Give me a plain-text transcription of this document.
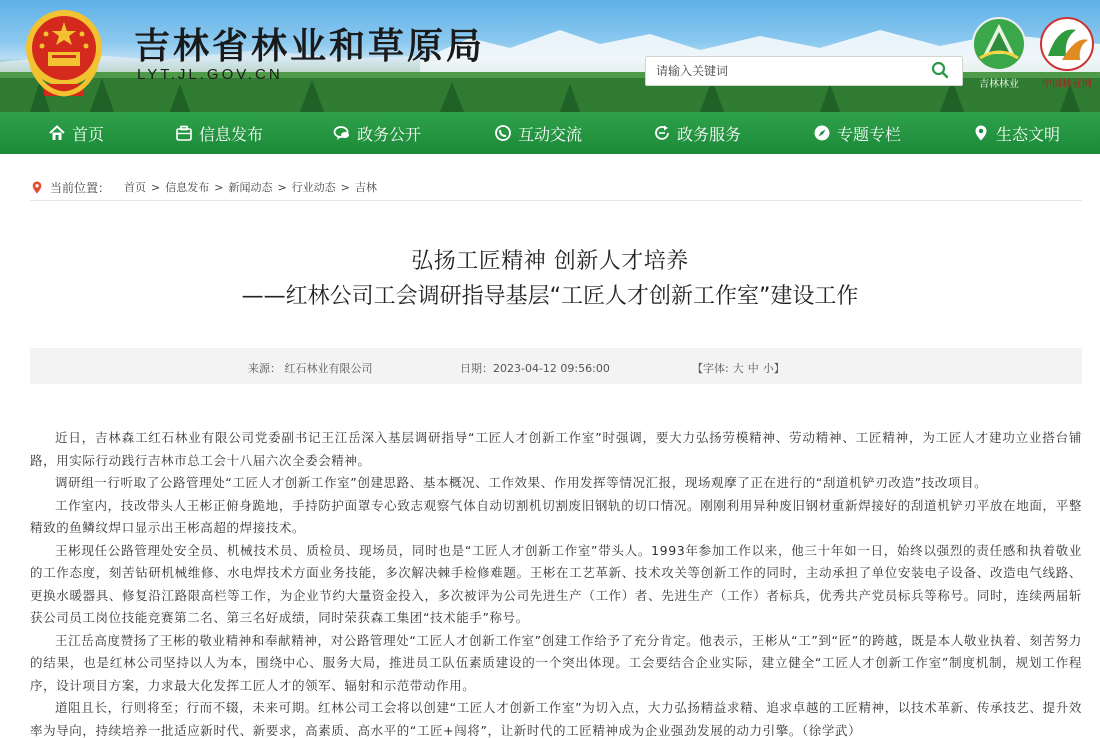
吉林省林业和草原局
LYT.JL.GOV.CN
请输入关键词
吉林林业	中国林业网
首页	信息发布	政务公开	互动交流	政务服务	专题专栏	生态文明
当前位置： 首页 > 信息发布 > 新闻动态 > 行业动态 > 吉林
弘扬工匠精神 创新人才培养
——红林公司工会调研指导基层“工匠人才创新工作室”建设工作
来源： 红石林业有限公司	日期：2023-04-12 09:56:00	【字体: 大 中 小】

近日，吉林森工红石林业有限公司党委副书记王江岳深入基层调研指导“工匠人才创新工作室”时强调，要大力弘扬劳模精神、劳动精神、工匠精神，为工匠人才建功立业搭台铺路，用实际行动践行吉林市总工会十八届六次全委会精神。

调研组一行听取了公路管理处“工匠人才创新工作室”创建思路、基本概况、工作效果、作用发挥等情况汇报，现场观摩了正在进行的“刮道机铲刃改造”技改项目。

工作室内，技改带头人王彬正俯身跪地，手持防护面罩专心致志观察气体自动切割机切割废旧钢轨的切口情况。刚刚利用异种废旧钢材重新焊接好的刮道机铲刃平放在地面，平整精致的鱼鳞纹焊口显示出王彬高超的焊接技术。

王彬现任公路管理处安全员、机械技术员、质检员、现场员，同时也是“工匠人才创新工作室”带头人。1993年参加工作以来，他三十年如一日，始终以强烈的责任感和执着敬业的工作态度，刻苦钻研机械维修、水电焊技术方面业务技能，多次解决棘手检修难题。王彬在工艺革新、技术攻关等创新工作的同时，主动承担了单位安装电子设备、改造电气线路、更换水暖器具、修复沿江路限高栏等工作，为企业节约大量资金投入，多次被评为公司先进生产（工作）者、先进生产（工作）者标兵，优秀共产党员标兵等称号。同时，连续两届斩获公司员工岗位技能竞赛第二名、第三名好成绩，同时荣获森工集团“技术能手”称号。

王江岳高度赞扬了王彬的敬业精神和奉献精神，对公路管理处“工匠人才创新工作室”创建工作给予了充分肯定。他表示，王彬从“工”到“匠”的跨越，既是本人敬业执着、刻苦努力的结果，也是红林公司坚持以人为本，围绕中心、服务大局，推进员工队伍素质建设的一个突出体现。工会要结合企业实际，建立健全“工匠人才创新工作室”制度机制，规划工作程序，设计项目方案，力求最大化发挥工匠人才的领军、辐射和示范带动作用。

道阻且长，行则将至；行而不辍，未来可期。红林公司工会将以创建“工匠人才创新工作室”为切入点，大力弘扬精益求精、追求卓越的工匠精神，以技术革新、传承技艺、提升效率为导向，持续培养一批适应新时代、新要求，高素质、高水平的“工匠+闯将”，让新时代的工匠精神成为企业强劲发展的动力引擎。（徐学武）
